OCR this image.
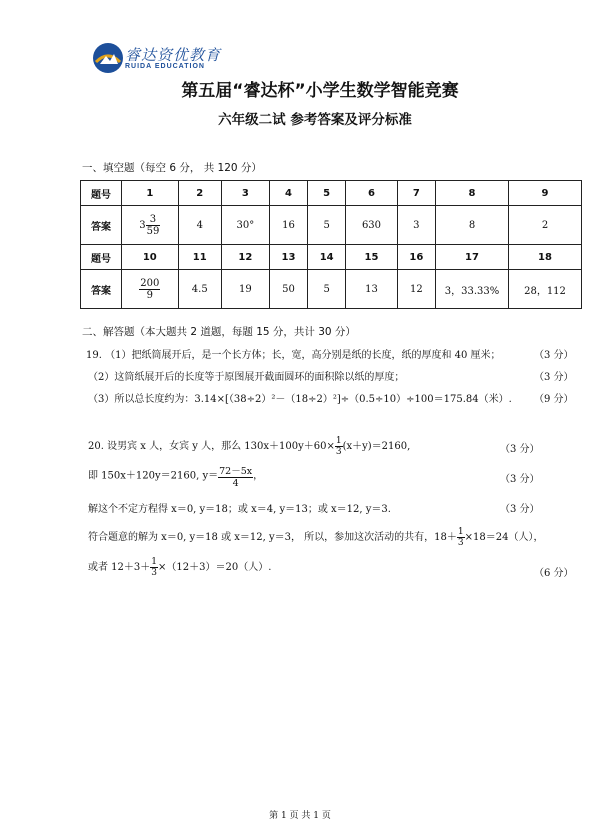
睿达资优教育
RUIDA EDUCATION
第五届“睿达杯”小学生数学智能竞赛
六年级二试 参考答案及评分标准
一、填空题（每空 6 分， 共 120 分）
题号	1	2	3	4	5	6	7	8	9
答案	$3 \frac{3}{59}$	4	30°	16	5	630	3	8	2
题号	10	11	12	13	14	15	16	17	18
答案	$\frac{200}{9}$	4.5	19	50	5	13	12	3，33.33%	28，112
二、解答题（本大题共 2 道题，每题 15 分，共计 30 分）
19. （1）把纸筒展开后，是一个长方体；长，宽，高分别是纸的长度，纸的厚度和 40 厘米；	（3 分）
（2）这筒纸展开后的长度等于原图展开截面圆环的面积除以纸的厚度；	（3 分）
（3）所以总长度约为：3.14×[（38÷2）²－（18÷2）²]÷（0.5÷10）÷100＝175.84（米）. （9 分）
20. 设男宾 x 人，女宾 y 人，那么 $130x+100y+60\times \frac{1}{3} (x+y)=2160$,	（3 分）
即 150x＋120y＝2160, $y= \frac{72-5x}{4}$ ，	（3 分）
解这个不定方程得 x＝0, y＝18；或 x＝4, y＝13；或 x＝12, y＝3.	（3 分）
符合题意的解为 x＝0, y＝18 或 x＝12, y＝3， 所以，参加这次活动的共有，$18+ \frac{1}{3} \times 18=24$（人），
或者 $12+3+ \frac{1}{3} \times(12+3)=20$（人）.
（6 分）
第 1 页 共 1 页
